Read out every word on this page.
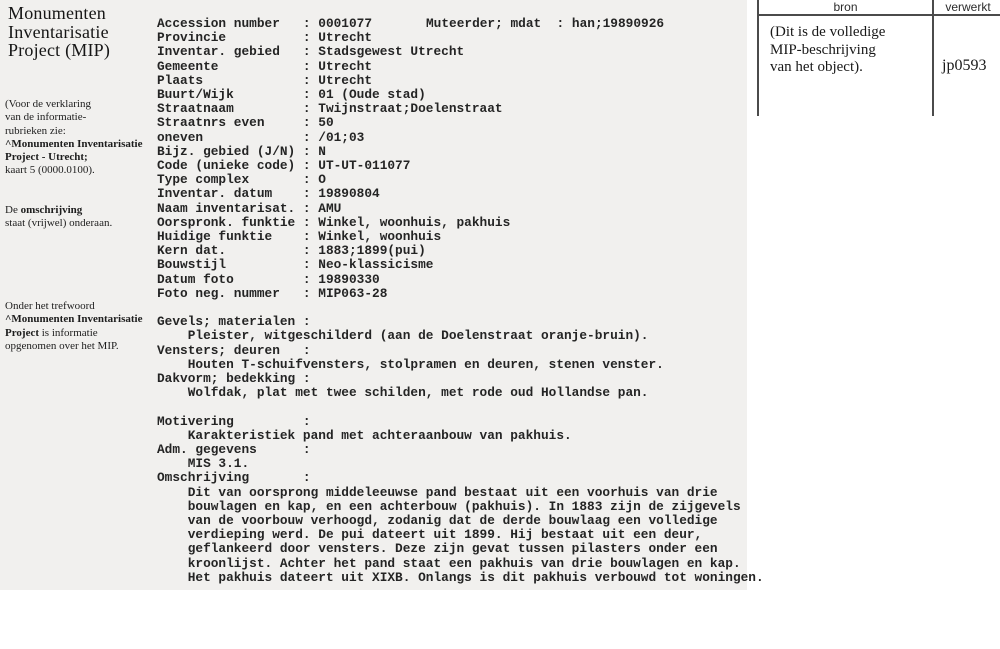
Monumenten
Inventarisatie
Project (MIP)
(Voor de verklaring
van de informatie-
rubrieken zie:
^Monumenten Inventarisatie
Project - Utrecht;
kaart 5 (0000.0100).
De omschrijving
staat (vrijwel) onderaan.
Onder het trefwoord
^Monumenten Inventarisatie
Project is informatie
opgenomen over het MIP.
Accession number   : 0001077
Provincie          : Utrecht
Inventar. gebied   : Stadsgewest Utrecht
Gemeente           : Utrecht
Plaats             : Utrecht
Buurt/Wijk         : 01 (Oude stad)
Straatnaam         : Twijnstraat;Doelenstraat
Straatnrs even     : 50
oneven             : /01;03
Bijz. gebied (J/N) : N
Code (unieke code) : UT-UT-011077
Type complex       : O
Inventar. datum    : 19890804
Naam inventarisat. : AMU
Oorspronk. funktie : Winkel, woonhuis, pakhuis
Huidige funktie    : Winkel, woonhuis
Kern dat.          : 1883;1899(pui)
Bouwstijl          : Neo-klassicisme
Datum foto         : 19890330
Foto neg. nummer   : MIP063-28
Gevels; materialen :
Pleister, witgeschilderd (aan de Doelenstraat oranje-bruin).
Vensters; deuren   :
Houten T-schuifvensters, stolpramen en deuren, stenen venster.
Dakvorm; bedekking :
Wolfdak, plat met twee schilden, met rode oud Hollandse pan.
Motivering         :
Karakteristiek pand met achteraanbouw van pakhuis.
Adm. gegevens      :
MIS 3.1.
Omschrijving       :
Dit van oorsprong middeleeuwse pand bestaat uit een voorhuis van drie
bouwlagen en kap, en een achterbouw (pakhuis). In 1883 zijn de zijgevels
van de voorbouw verhoogd, zodanig dat de derde bouwlaag een volledige
verdieping werd. De pui dateert uit 1899. Hij bestaat uit een deur,
geflankeerd door vensters. Deze zijn gevat tussen pilasters onder een
kroonlijst. Achter het pand staat een pakhuis van drie bouwlagen en kap.
Het pakhuis dateert uit XIXB. Onlangs is dit pakhuis verbouwd tot woningen.
Muteerder; mdat  : han;19890926
bron	verwerkt
(Dit is de volledige
MIP-beschrijving
van het object).	jp0593
